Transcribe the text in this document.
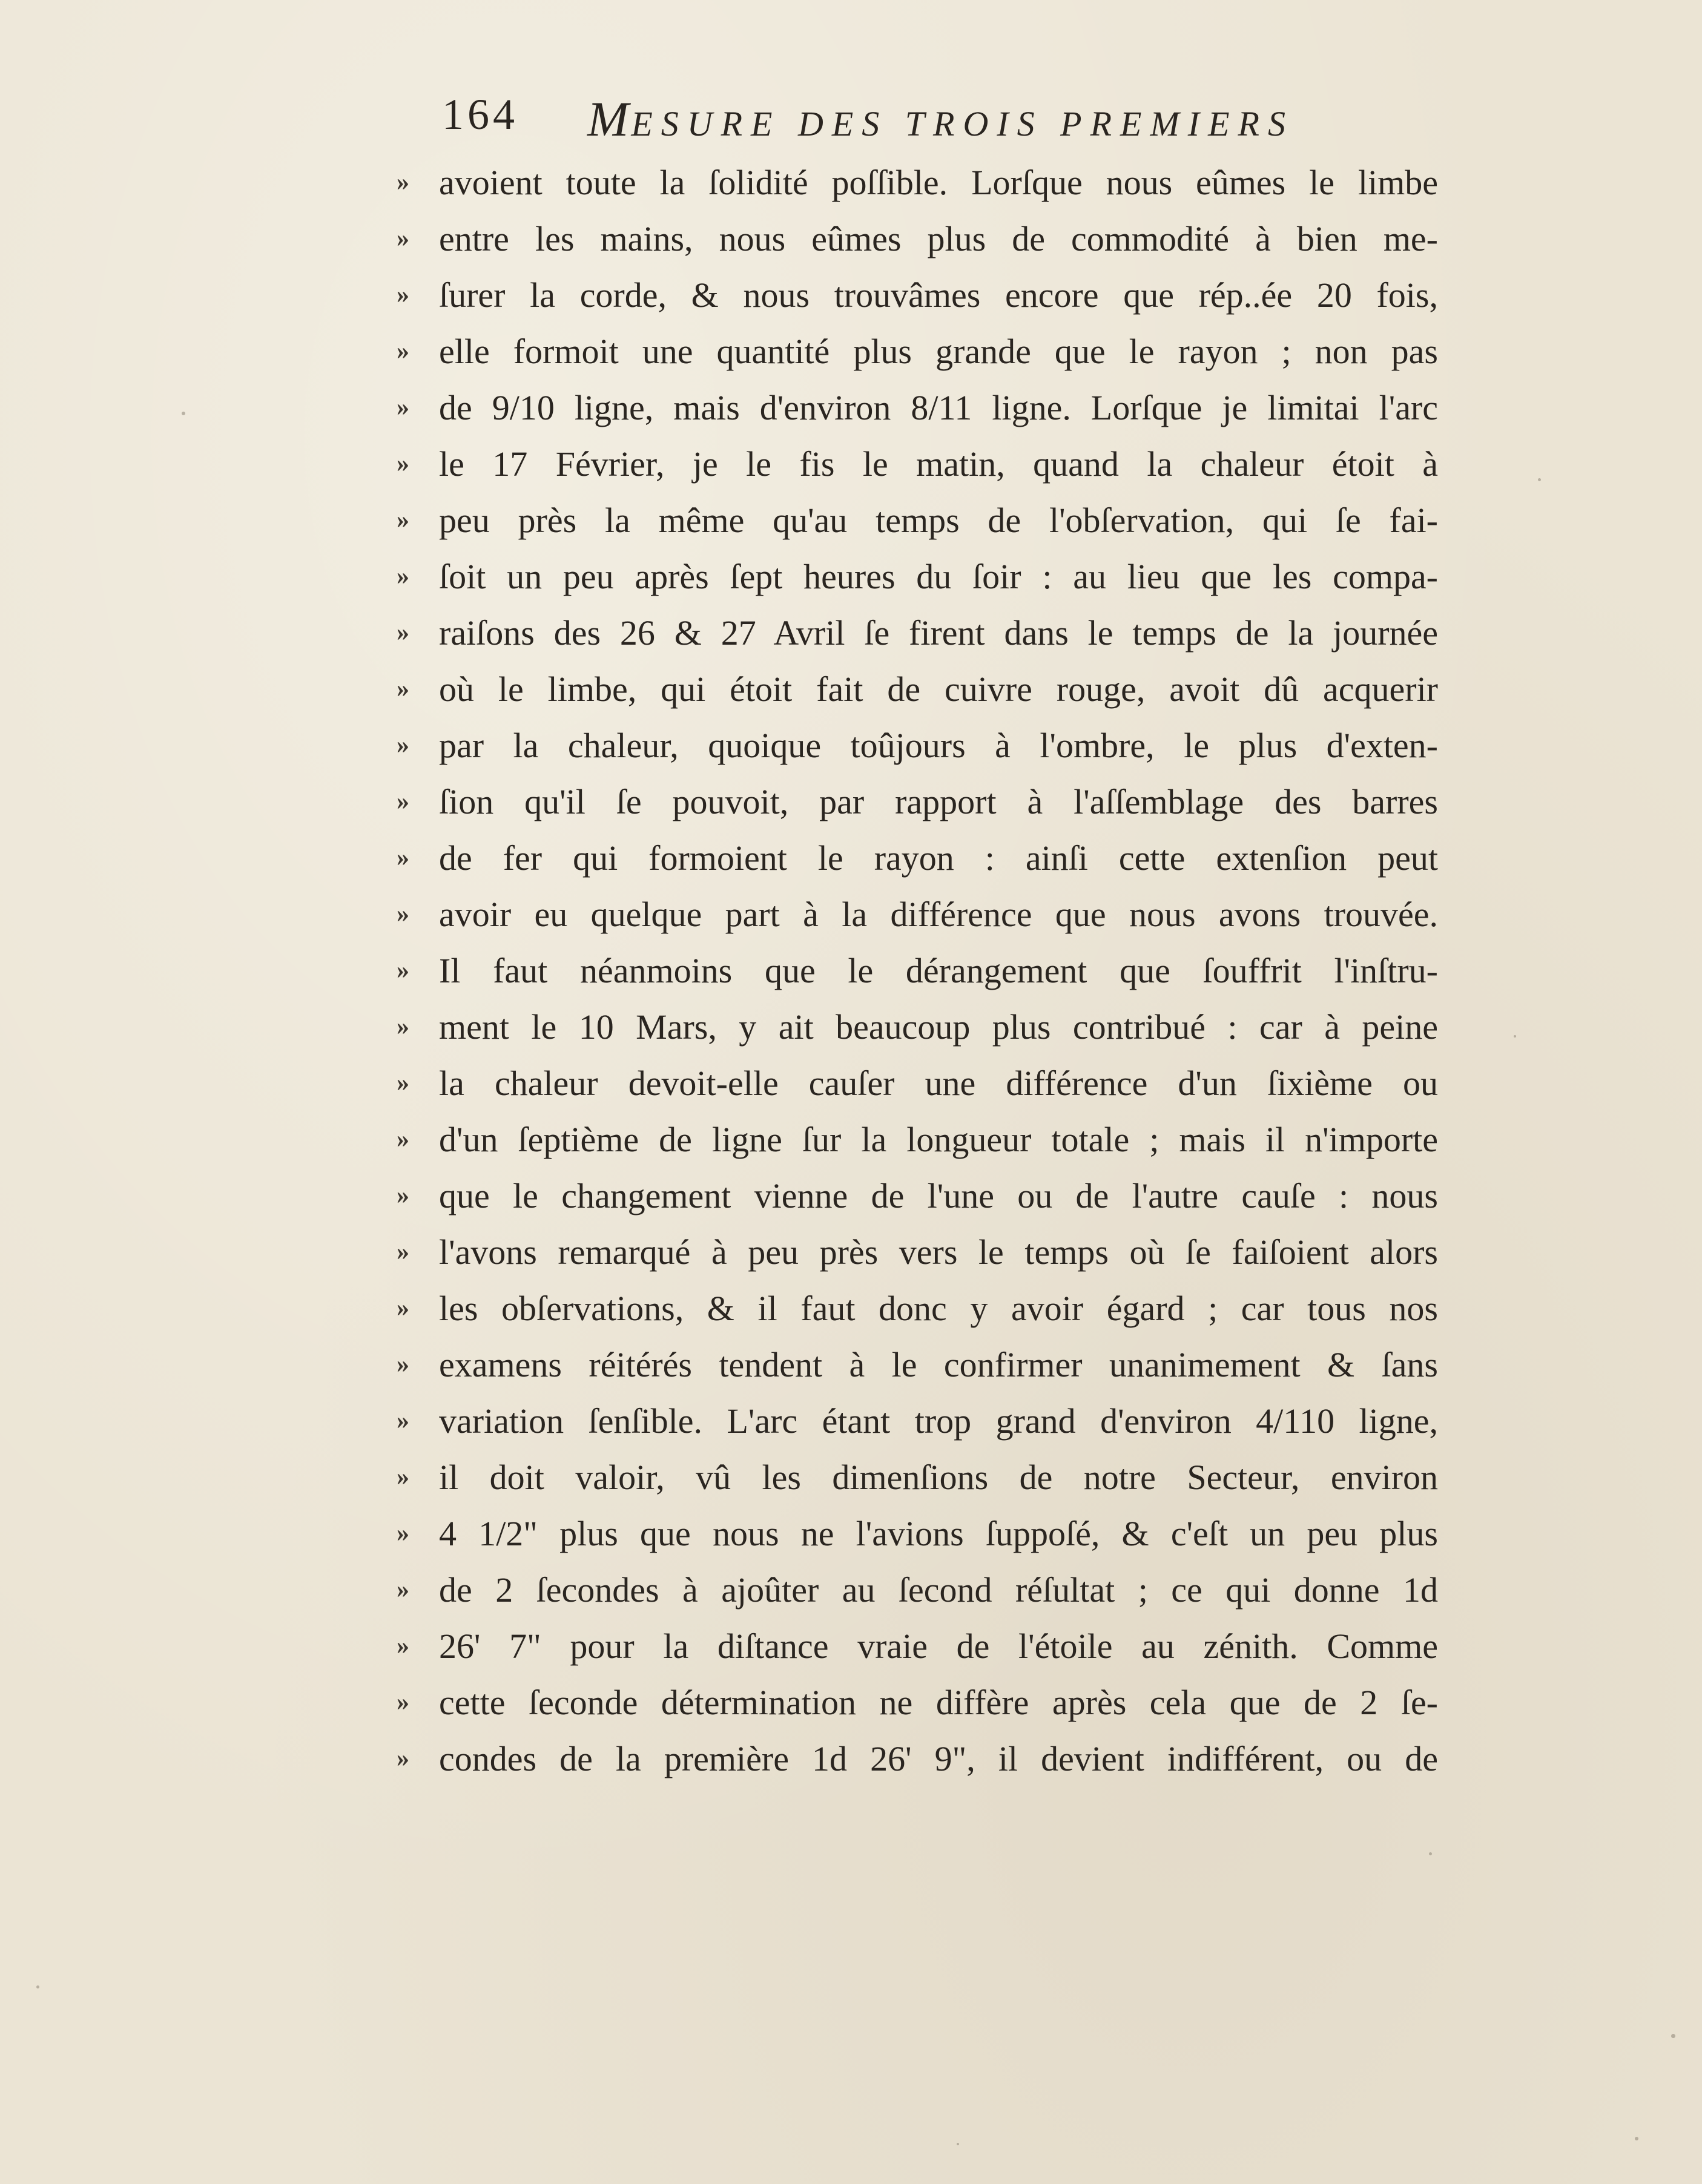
164 MESURE DES TROIS PREMIERS
» avoient toute la ſolidité poſſible. Lorſque nous eûmes le limbe
» entre les mains, nous eûmes plus de commodité à bien me-
» ſurer la corde, & nous trouvâmes encore que rép..ée 20 fois,
» elle formoit une quantité plus grande que le rayon ; non pas
» de 9/10 ligne, mais d'environ 8/11 ligne. Lorſque je limitai l'arc
» le 17 Février, je le fis le matin, quand la chaleur étoit à
» peu près la même qu'au temps de l'obſervation, qui ſe fai-
» ſoit un peu après ſept heures du ſoir : au lieu que les compa-
» raiſons des 26 & 27 Avril ſe firent dans le temps de la journée
» où le limbe, qui étoit fait de cuivre rouge, avoit dû acquerir
» par la chaleur, quoique toûjours à l'ombre, le plus d'exten-
» ſion qu'il ſe pouvoit, par rapport à l'aſſemblage des barres
» de fer qui formoient le rayon : ainſi cette extenſion peut
» avoir eu quelque part à la différence que nous avons trouvée.
» Il faut néanmoins que le dérangement que ſouffrit l'inſtru-
» ment le 10 Mars, y ait beaucoup plus contribué : car à peine
» la chaleur devoit-elle cauſer une différence d'un ſixième ou
» d'un ſeptième de ligne ſur la longueur totale ; mais il n'importe
» que le changement vienne de l'une ou de l'autre cauſe : nous
» l'avons remarqué à peu près vers le temps où ſe faiſoient alors
» les obſervations, & il faut donc y avoir égard ; car tous nos
» examens réitérés tendent à le confirmer unanimement & ſans
» variation ſenſible. L'arc étant trop grand d'environ 4/110 ligne,
» il doit valoir, vû les dimenſions de notre Secteur, environ
» 4 1/2" plus que nous ne l'avions ſuppoſé, & c'eſt un peu plus
» de 2 ſecondes à ajoûter au ſecond réſultat ; ce qui donne 1d
» 26' 7" pour la diſtance vraie de l'étoile au zénith. Comme
» cette ſeconde détermination ne diffère après cela que de 2 ſe-
» condes de la première 1d 26' 9", il devient indifférent, ou de
